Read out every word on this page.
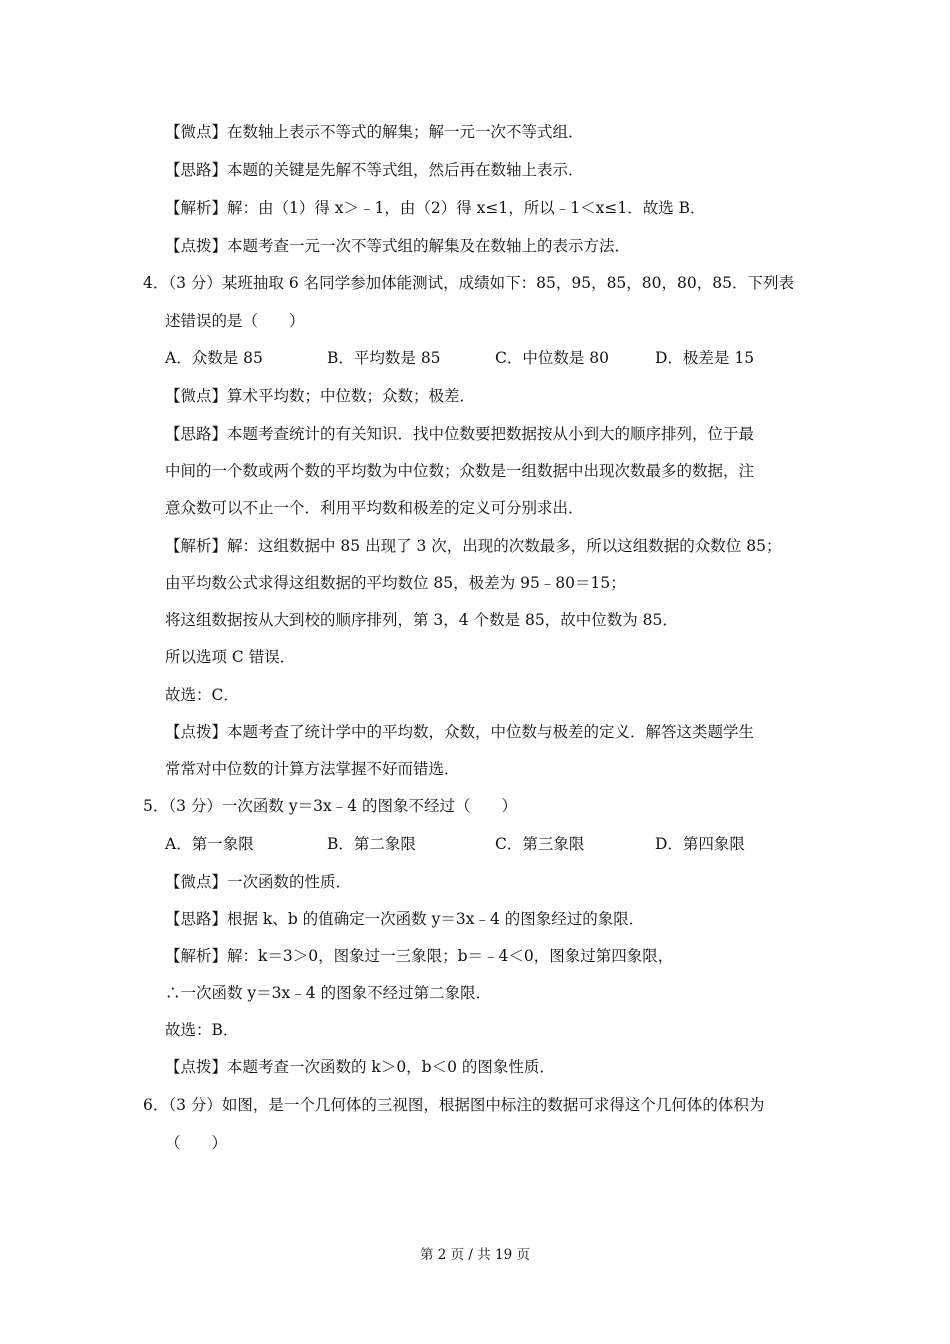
【微点】在数轴上表示不等式的解集；解一元一次不等式组．
【思路】本题的关键是先解不等式组，然后再在数轴上表示．
【解析】解：由（1）得 x＞﹣1，由（2）得 x≤1，所以﹣1＜x≤1．故选 B．
【点拨】本题考查一元一次不等式组的解集及在数轴上的表示方法．
4．（3 分）某班抽取 6 名同学参加体能测试，成绩如下：85，95，85，80，80，85．下列表
述错误的是（　　）
A．众数是 85	B．平均数是 85	C．中位数是 80	D．极差是 15
【微点】算术平均数；中位数；众数；极差．
【思路】本题考查统计的有关知识．找中位数要把数据按从小到大的顺序排列，位于最
中间的一个数或两个数的平均数为中位数；众数是一组数据中出现次数最多的数据，注
意众数可以不止一个．利用平均数和极差的定义可分别求出．
【解析】解：这组数据中 85 出现了 3 次，出现的次数最多，所以这组数据的众数位 85；
由平均数公式求得这组数据的平均数位 85，极差为 95﹣80＝15；
将这组数据按从大到校的顺序排列，第 3，4 个数是 85，故中位数为 85．
所以选项 C 错误．
故选：C．
【点拨】本题考查了统计学中的平均数，众数，中位数与极差的定义．解答这类题学生
常常对中位数的计算方法掌握不好而错选．
5．（3 分）一次函数 y＝3x﹣4 的图象不经过（　　）
A．第一象限	B．第二象限	C．第三象限	D．第四象限
【微点】一次函数的性质．
【思路】根据 k、b 的值确定一次函数 y＝3x﹣4 的图象经过的象限．
【解析】解：k＝3＞0，图象过一三象限；b＝﹣4＜0，图象过第四象限，
∴一次函数 y＝3x﹣4 的图象不经过第二象限．
故选：B．
【点拨】本题考查一次函数的 k＞0，b＜0 的图象性质．
6．（3 分）如图，是一个几何体的三视图，根据图中标注的数据可求得这个几何体的体积为
（　　）
第 2 页 / 共 19 页
